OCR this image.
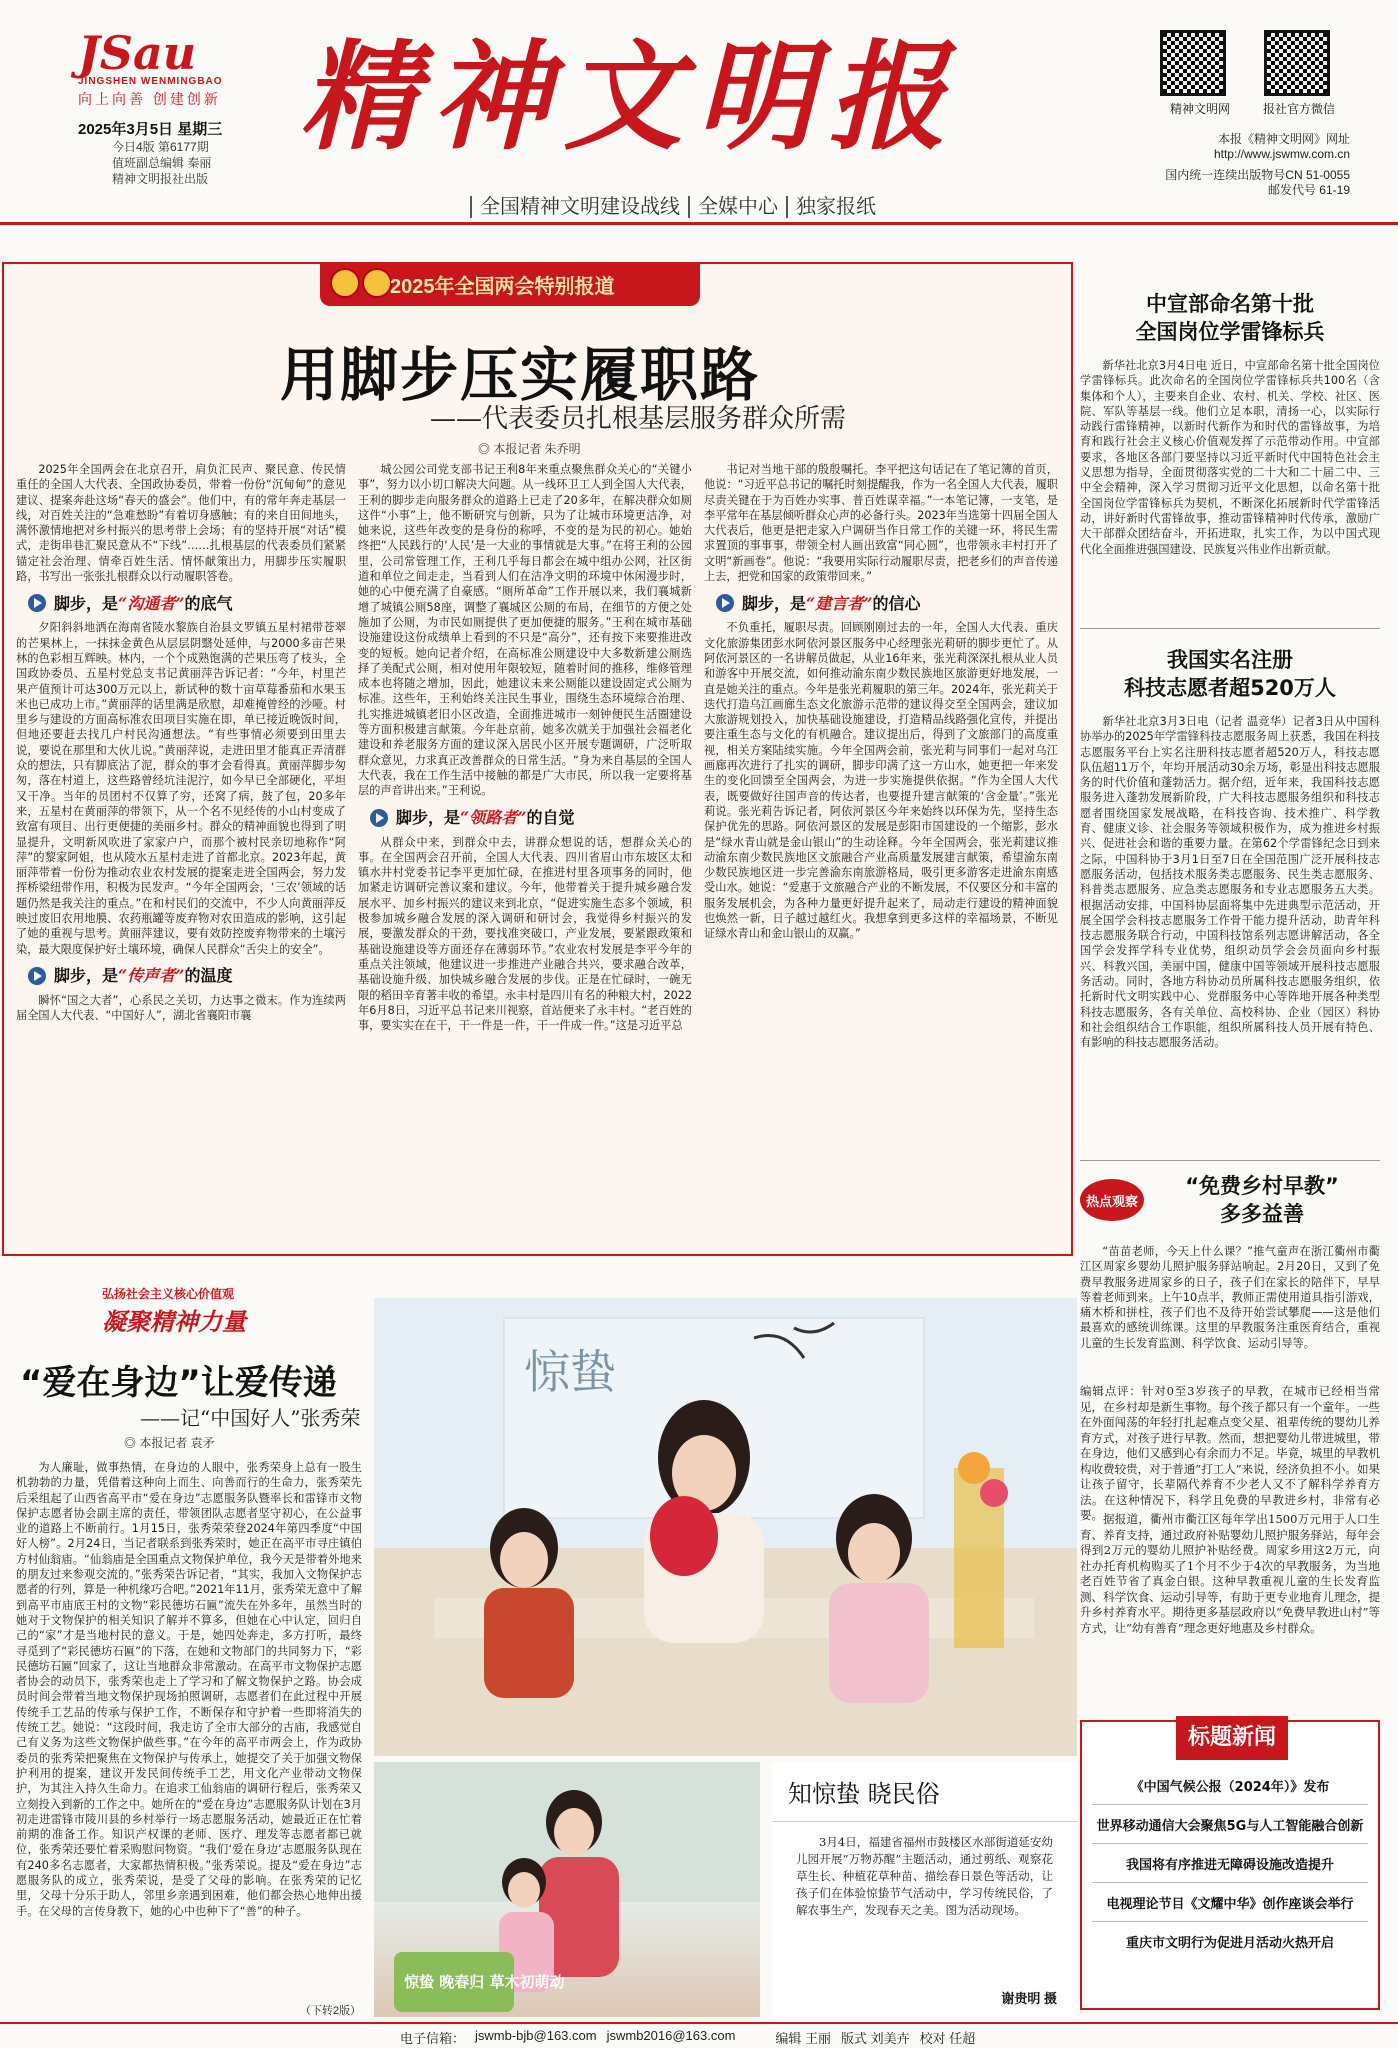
JSau
JINGSHEN WENMINGBAO
向上向善 创建创新
2025年3月5日 星期三
今日4版 第6177期
值班副总编辑 秦丽
精神文明报社出版
精神文明报	精神文明网	报社官方微信
本报《精神文明网》网址
http://www.jswmw.com.cn
国内统一连续出版物号CN 51-0055
邮发代号 61-19
全国精神文明建设战线 全媒中心 独家报纸
2025年全国两会特别报道
用脚步压实履职路
——代表委员扎根基层服务群众所需
◎ 本报记者 朱乔明

2025年全国两会在北京召开，肩负汇民声、聚民意、传民情重任的全国人大代表、全国政协委员，带着一份份“沉甸甸”的意见建议、提案奔赴这场“春天的盛会”。他们中，有的常年奔走基层一线，对百姓关注的“急难愁盼”有着切身感触；有的来自田间地头，满怀激情地把对乡村振兴的思考带上会场；有的坚持开展“对话”模式，走街串巷汇聚民意从不“下线”……扎根基层的代表委员们紧紧锚定社会治理、情牵百姓生活、情怀献策出力，用脚步压实履职路，书写出一张张扎根群众以行动履职答卷。

脚步，是 “沟通者” 的底气

夕阳斜斜地洒在海南省陵水黎族自治县文罗镇五星村裙带苍翠的芒果林上，一抹抹金黄色从层层阴翳处延伸，与2000多亩芒果林的色彩相互辉映。林内，一个个成熟饱满的芒果压弯了枝头，全国政协委员、五星村党总支书记黄丽萍告诉记者：“今年，村里芒果产值预计可达300万元以上，新试种的数十亩草莓番茄和水果玉米也已成功上市。”黄丽萍的话里满是欣慰，却难掩曾经的沙哑。村里乡与建设的方面高标准农田项目实施在即，单已接近晚饭时间，但地还要赶去找几户村民沟通想法。“有些事情必须要到田里去说，要说在那里和大伙儿说。”黄丽萍说，走进田里才能真正弄清群众的想法，只有脚底沾了泥，群众的事才会看得真。黄丽萍脚步匆匆，落在村道上，这些路曾经坑洼泥泞，如今早已全部硬化，平坦又干净。当年的员团村不仅算了穷，还窝了病，鼓了包，20多年来，五星村在黄丽萍的带领下，从一个名不见经传的小山村变成了致富有项目、出行更便捷的美丽乡村。群众的精神面貌也得到了明显提升，文明新风吹进了家家户户，而那个被村民亲切地称作“阿萍”的黎家阿姐，也从陵水五星村走进了首都北京。2023年起，黄丽萍带着一份份为推动农业农村发展的提案走进全国两会，努力发挥桥梁纽带作用，积极为民发声。“今年全国两会，‘三农’领域的话题仍然是我关注的重点。”在和村民们的交流中，不少人向黄丽萍反映过废旧农用地膜、农药瓶罐等废弃物对农田造成的影响，这引起了她的重视与思考。黄丽萍建议，要有效防控废弃物带来的土壤污染，最大限度保护好土壤环境，确保人民群众“舌尖上的安全”。

脚步，是 “传声者” 的温度

瞬怀“国之大者”，心系民之关切，力达事之微末。作为连续两届全国人大代表、“中国好人”，湖北省襄阳市襄

城公园公司党支部书记王利8年来重点聚焦群众关心的“关键小事”，努力以小切口解决大问题。从一线环卫工人到全国人大代表，王利的脚步走向服务群众的道路上已走了20多年，在解决群众如厕这件“小事”上，他不断研究与创新，只为了让城市环境更洁净，对她来说，这些年改变的是身份的称呼，不变的是为民的初心。她始终把“人民践行的‘人民’是一大业的事情就是大事。”在将王利的公园里，公司常管理工作，王利几乎每日都会在城中组办公网，社区街道和单位之间走走，当看到人们在洁净文明的环境中休闲漫步时，她的心中便充满了自豪感。“厕所革命”工作开展以来，我们襄城新增了城镇公厕58座，调整了襄城区公厕的布局，在细节的方便之处施加了公厕，为市民如厕提供了更加便捷的服务。”王利在城市基础设施建设这份成绩单上看到的不只是“高分”，还有按下来要推进改变的短板。她向记者介绍，在高标准公厕建设中大多数新建公厕选择了美配式公厕，相对使用年限较短，随着时间的推移，维修管理成本也将随之增加，因此，她建议未来公厕能以建设固定式公厕为标准。这些年，王利始终关注民生事业，围绕生态环境综合治理、扎实推进城镇老旧小区改造，全面推进城市一刻钟便民生活圈建设等方面积极建言献策。今年赴京前，她多次就关于加强社会福老化建设和养老服务方面的建议深入居民小区开展专题调研，广泛听取群众意见，力求真正改善群众的日常生活。“身为来自基层的全国人大代表，我在工作生活中接触的都是广大市民，所以我一定要将基层的声音讲出来。”王利说。

脚步，是 “领路者” 的自觉

从群众中来，到群众中去，讲群众想说的话，想群众关心的事。在全国两会召开前，全国人大代表、四川省眉山市东坡区太和镇水井村党委书记李平更加忙碌，在推进村里各项事务的同时，他加紧走访调研完善议案和建议。今年，他带着关于提升城乡融合发展水平、加乡村振兴的建议来到北京，“促进实施生态多个领域，积极参加城乡融合发展的深入调研和研讨会，我觉得乡村振兴的发展，要激发群众的干劲，要找准突破口，产业发展，要紧跟政策和基础设施建设等方面还存在薄弱环节。”农业农村发展是李平今年的重点关注领域，他建议进一步推进产业融合共兴，要求融合改革，基础设施升级、加快城乡融合发展的步伐。正是在忙碌时，一碗无限的稻田辛育著丰收的希望。永丰村是四川有名的种粮大村，2022年6月8日，习近平总书记来川视察，首站便来了永丰村。“老百姓的事，要实实在在干，干一件是一件，干一件成一件。”这是习近平总

书记对当地干部的殷殷嘱托。李平把这句话记在了笔记簿的首页，他说：“习近平总书记的嘱托时刻提醒我，作为一名全国人大代表，履职尽责关键在于为百姓办实事、普百姓谋幸福。”一本笔记簿，一支笔，是李平常年在基层倾听群众心声的必备行头。2023年当选第十四届全国人大代表后，他更是把走家入户调研当作日常工作的关键一环，将民生需求置顶的事事事，带领全村人画出致富“同心圆”，也带领永丰村打开了文明“新画卷”。他说：“我要用实际行动履职尽责，把老乡们的声音传递上去，把党和国家的政策带回来。”

脚步，是 “建言者” 的信心

不负重托，履职尽责。回顾刚刚过去的一年，全国人大代表、重庆文化旅游集团彭水阿依河景区服务中心经理张光莉研的脚步更忙了。从阿依河景区的一名讲解员做起，从业16年来，张光莉深深扎根从业人员和游客中开展交流，如何推动渝东南少数民族地区旅游更好地发展，一直是她关注的重点。今年是张光莉履职的第三年。2024年，张光莉关于迭代打造乌江画廊生态文化旅游示范带的建议得交至全国两会，建议加大旅游规划投入，加快基础设施建设，打造精品线路强化宣传，并提出要注重生态与文化的有机融合。建议提出后，得到了文旅部门的高度重视，相关方案陆续实施。今年全国两会前，张光莉与同事们一起对乌江画廊再次进行了扎实的调研，脚步印满了这一方山水，她更把一年来发生的变化回馈至全国两会，为进一步实施提供依据。“作为全国人大代表，既要做好往国声音的传达者，也要提升建言献策的‘含金量’。”张光莉说。张光莉告诉记者，阿依河景区今年来始终以环保为先，坚持生态保护优先的思路。阿依河景区的发展是彭阳市国建设的一个缩影，彭水是“绿水青山就是金山银山”的生动诠释。今年全国两会，张光莉建议推动渝东南少数民族地区文旅融合产业高质量发展建言献策，希望渝东南少数民族地区进一步完善渝东南旅游格局，吸引更多游客走进渝东南感受山水。她说：“爱惠于文旅融合产业的不断发展，不仅要区分和丰富的服务发展机会，为各种力量更好提升起来了，局动走行建设的精神面貌也焕然一新，日子越过越红火。我想拿到更多这样的幸福场景，不断见证绿水青山和金山银山的双赢。”

中宣部命名第十批
全国岗位学雷锋标兵

新华社北京3月4日电 近日，中宣部命名第十批全国岗位学雷锋标兵。此次命名的全国岗位学雷锋标兵共100名（含集体和个人），主要来自企业、农村、机关、学校、社区、医院、军队等基层一线。他们立足本职，清扬一心，以实际行动践行雷锋精神，以新时代新作为和时代的雷锋故事，为培育和践行社会主义核心价值观发挥了示范带动作用。中宣部要求，各地区各部门要坚持以习近平新时代中国特色社会主义思想为指导，全面贯彻落实党的二十大和二十届二中、三中全会精神，深入学习贯彻习近平文化思想，以命名第十批全国岗位学雷锋标兵为契机，不断深化拓展新时代学雷锋活动，讲好新时代雷锋故事，推动雷锋精神时代传承，激励广大干部群众团结奋斗，开拓进取，扎实工作，为以中国式现代化全面推进强国建设、民族复兴伟业作出新贡献。

我国实名注册
科技志愿者超520万人

新华社北京3月3日电（记者 温竞华）记者3日从中国科协举办的2025年学雷锋科技志愿服务周上获悉，我国在科技志愿服务平台上实名注册科技志愿者超520万人，科技志愿队伍超11万个，年均开展活动30余万场，彰显出科技志愿服务的时代价值和蓬勃活力。据介绍，近年来，我国科技志愿服务进入蓬勃发展新阶段，广大科技志愿服务组织和科技志愿者围绕国家发展战略，在科技咨询、技术推广、科学教育、健康义诊、社会服务等领域积极作为，成为推进乡村振兴、促进社会和谐的重要力量。在第62个学雷锋纪念日到来之际，中国科协于3月1日至7日在全国范围广泛开展科技志愿服务活动，包括技术服务类志愿服务、民生类志愿服务、科普类志愿服务、应急类志愿服务和专业志愿服务五大类。根据活动安排，中国科协层面将集中先进典型示范活动，开展全国学会科技志愿服务工作骨干能力提升活动，助青年科技志愿服务联合行动，中国科技馆系列志愿讲解活动，各全国学会发挥学科专业优势，组织动员学会会员面向乡村振兴、科教兴国，美丽中国，健康中国等领域开展科技志愿服务活动。同时，各地方科协动员所属科技志愿服务组织，依托新时代文明实践中心、党群服务中心等阵地开展各种类型科技志愿服务，各有关单位、高校科协、企业（园区）科协和社会组织结合工作职能，组织所属科技人员开展有特色、有影响的科技志愿服务活动。

热点观察
“免费乡村早教”
多多益善

“苗苗老师，今天上什么课？”推气童声在浙江衢州市衢江区周家乡婴幼儿照护服务驿站响起。2月20日，又到了免费早教服务进周家乡的日子，孩子们在家长的陪伴下，早早等着老师到来。上午10点半，教师正需使用道具指引游戏，痛木桥和拼柱，孩子们也不及待开始尝试攀爬——这是他们最喜欢的感统训练课。这里的早教服务注重医育结合，重视儿童的生长发育监测、科学饮食、运动引导等。

编辑点评：针对0至3岁孩子的早教，在城市已经相当常见，在乡村却是新生事物。每个孩子都只有一个童年。一些在外面闯荡的年轻打扎起难点变父星、祖辈传统的婴幼儿养育方式，对孩子进行早教。然而，想把婴幼儿带进城里，带在身边，他们又感到心有余而力不足。毕竟，城里的早教机构收费较贵，对于普通“打工人”来说，经济负担不小。如果让孩子留守，长辈隔代养育不少老人又不了解科学养育方法。在这种情况下，科学且免费的早教进乡村，非常有必要。 据报道，衢州市衢江区每年学出1500万元用于人口生育、养育支持，通过政府补贴婴幼儿照护服务驿站，每年会得到2万元的婴幼儿照护补贴经费。周家乡用这2万元，向社办托育机构购买了1个月不少于4次的早教服务，为当地老百姓节省了真金白银。这种早教重视儿童的生长发育监测、科学饮食、运动引导等，有助于更专业地育儿理念，提升乡村养育水平。期待更多基层政府以“免费早教进山村”等方式，让“幼有善育”理念更好地惠及乡村群众。

标题新闻
《中国气候公报（2024年）》发布
世界移动通信大会聚焦5G与人工智能融合创新
我国将有序推进无障碍设施改造提升
电视理论节目《文耀中华》创作座谈会举行
重庆市文明行为促进月活动火热开启
弘扬社会主义核心价值观
凝聚精神力量
“爱在身边”让爱传递
——记“中国好人”张秀荣
◎ 本报记者 袁矛

为人廉耻，做事热情，在身边的人眼中，张秀荣身上总有一股生机勃勃的力量，凭借着这种向上而生、向善而行的生命力，张秀荣先后采组起了山西省高平市“爱在身边”志愿服务队暨率长和雷锋市文物保护志愿者协会副主席的责任，带领团队志愿者坚守初心，在公益事业的道路上不断前行。1月15日，张秀荣荣登2024年第四季度“中国好人榜”。2月24日，当记者联系到张秀荣时，她正在高平市寻庄镇伯方村仙翁庙。“仙翁庙是全国重点文物保护单位，我今天是带着外地来的朋友过来参观交流的。”张秀荣告诉记者，“其实，我加入文物保护志愿者的行列，算是一种机缘巧合吧。”2021年11月，张秀荣无意中了解到高平市庙底王村的文物“彩民德坊石匾”流失在外多年，虽然当时的她对于文物保护的相关知识了解并不算多，但她在心中认定，回归自己的“家”才是当地村民的意义。于是，她四处奔走，多方打听，最终寻觅到了“彩民德坊石匾”的下落，在她和文物部门的共同努力下，“彩民德坊石匾”回家了，这让当地群众非常激动。在高平市文物保护志愿者协会的动员下，张秀荣也走上了学习和了解文物保护之路。协会成员时间会带着当地文物保护现场拍照调研，志愿者们在此过程中开展传统手工艺品的传承与保护工作，不断保存和守护着一些即将消失的传统工艺。她说：“这段时间，我走访了全市大部分的古庙，我感觉自己有义务为这些文物保护做些事。”在今年的高平市两会上，作为政协委员的张秀荣把聚焦在文物保护与传承上，她提交了关于加强文物保护利用的提案，建议开发民间传统手工艺，用文化产业带动文物保护，为其注入持久生命力。在追求工仙翁庙的调研行程后，张秀荣又立刻投入到新的工作之中。她所在的“爱在身边”志愿服务队计划在3月初走进雷锋市陵川县的乡村举行一场志愿服务活动，她最近正在忙着前期的准备工作。知识产权课的老师、医疗、理发等志愿者都已就位，张秀荣还要忙着采购慰问物资。“我们‘爱在身边’志愿服务队现在有240多名志愿者，大家都热情积极。”张秀荣说。提及“爱在身边”志愿服务队的成立，张秀荣说，是受了父母的影响。在张秀荣的记忆里，父母十分乐于助人，邻里乡亲遇到困难，他们都会热心地伸出援手。在父母的言传身教下，她的心中也种下了“善”的种子。

（下转2版）
惊蛰
惊蛰 晚春归 草木初萌动
知惊蛰 晓民俗
3月4日，福建省福州市鼓楼区水部街道延安幼儿园开展“万物苏醒”主题活动，通过剪纸、观察花草生长、种植花草种苗、描绘春日景色等活动，让孩子们在体验惊蛰节气活动中，学习传统民俗，了解农事生产，发现春天之美。图为活动现场。
谢贵明 摄
电子信箱： jswmb-bjb@163.com jswmb2016@163.com	编辑 王丽 版式 刘美卉 校对 任超
